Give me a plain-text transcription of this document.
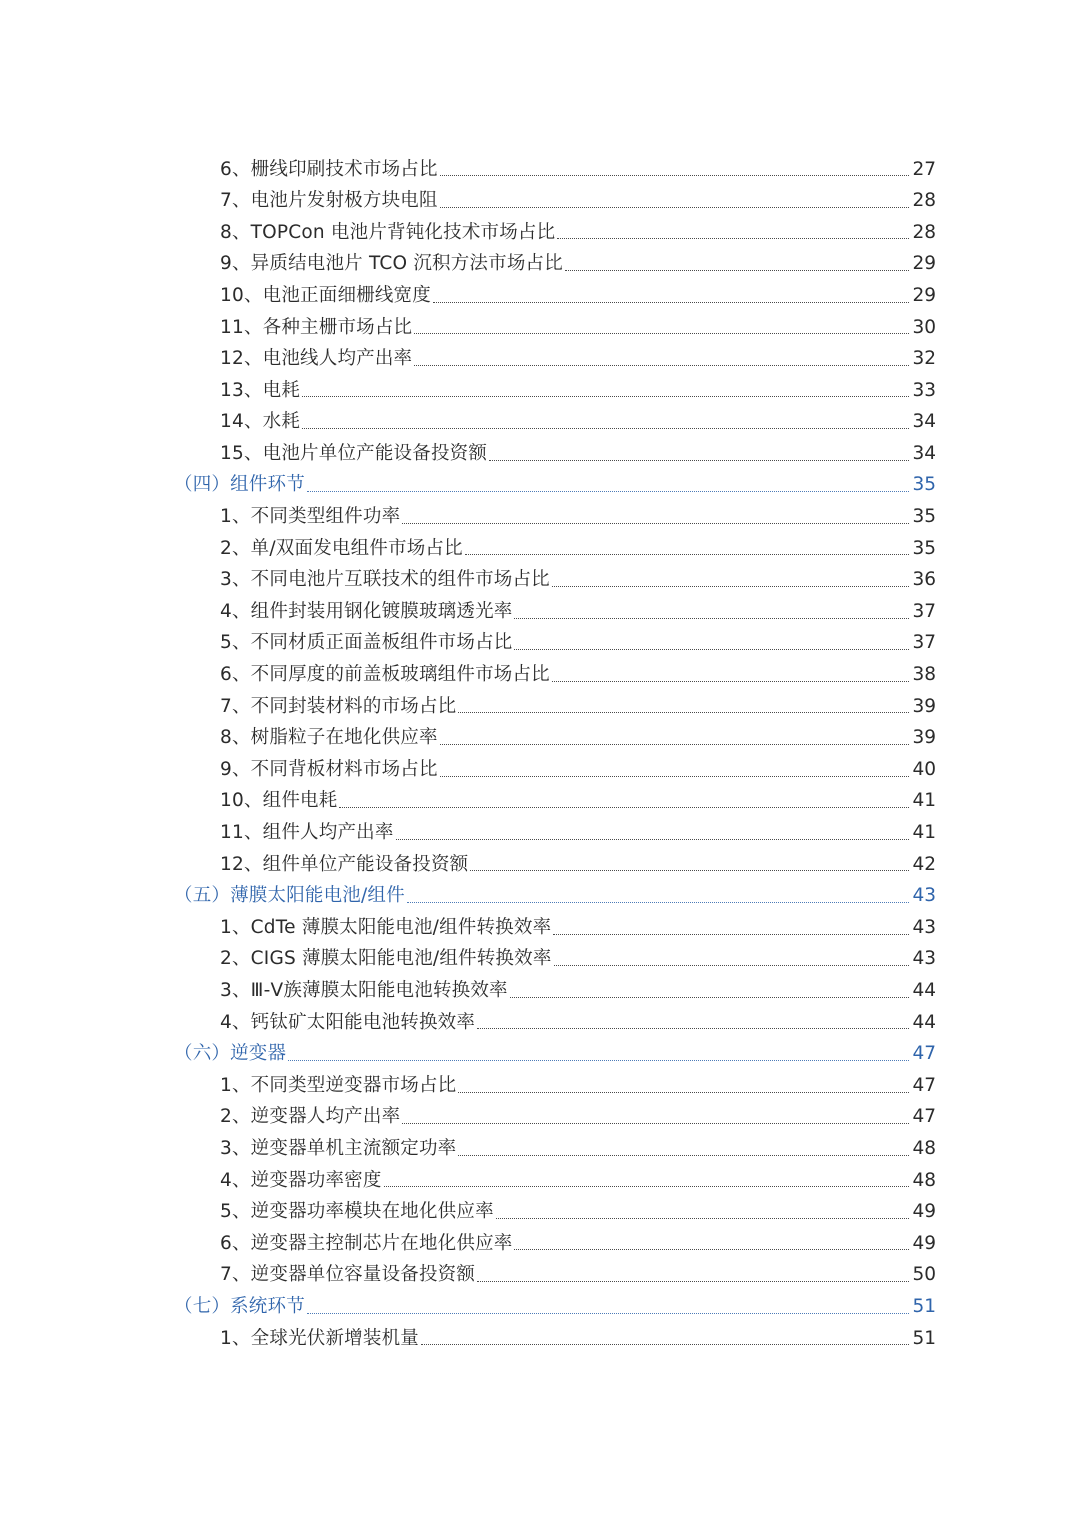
6、栅线印刷技术市场占比	27
7、电池片发射极方块电阻	28
8、TOPCon 电池片背钝化技术市场占比	28
9、异质结电池片 TCO 沉积方法市场占比	29
10、电池正面细栅线宽度	29
11、各种主栅市场占比	30
12、电池线人均产出率	32
13、电耗	33
14、水耗	34
15、电池片单位产能设备投资额	34
（四）组件环节	35
1、不同类型组件功率	35
2、单/双面发电组件市场占比	35
3、不同电池片互联技术的组件市场占比	36
4、组件封装用钢化镀膜玻璃透光率	37
5、不同材质正面盖板组件市场占比	37
6、不同厚度的前盖板玻璃组件市场占比	38
7、不同封装材料的市场占比	39
8、树脂粒子在地化供应率	39
9、不同背板材料市场占比	40
10、组件电耗	41
11、组件人均产出率	41
12、组件单位产能设备投资额	42
（五）薄膜太阳能电池/组件	43
1、CdTe 薄膜太阳能电池/组件转换效率	43
2、CIGS 薄膜太阳能电池/组件转换效率	43
3、Ⅲ-Ⅴ族薄膜太阳能电池转换效率	44
4、钙钛矿太阳能电池转换效率	44
（六）逆变器	47
1、不同类型逆变器市场占比	47
2、逆变器人均产出率	47
3、逆变器单机主流额定功率	48
4、逆变器功率密度	48
5、逆变器功率模块在地化供应率	49
6、逆变器主控制芯片在地化供应率	49
7、逆变器单位容量设备投资额	50
（七）系统环节	51
1、全球光伏新增装机量	51
